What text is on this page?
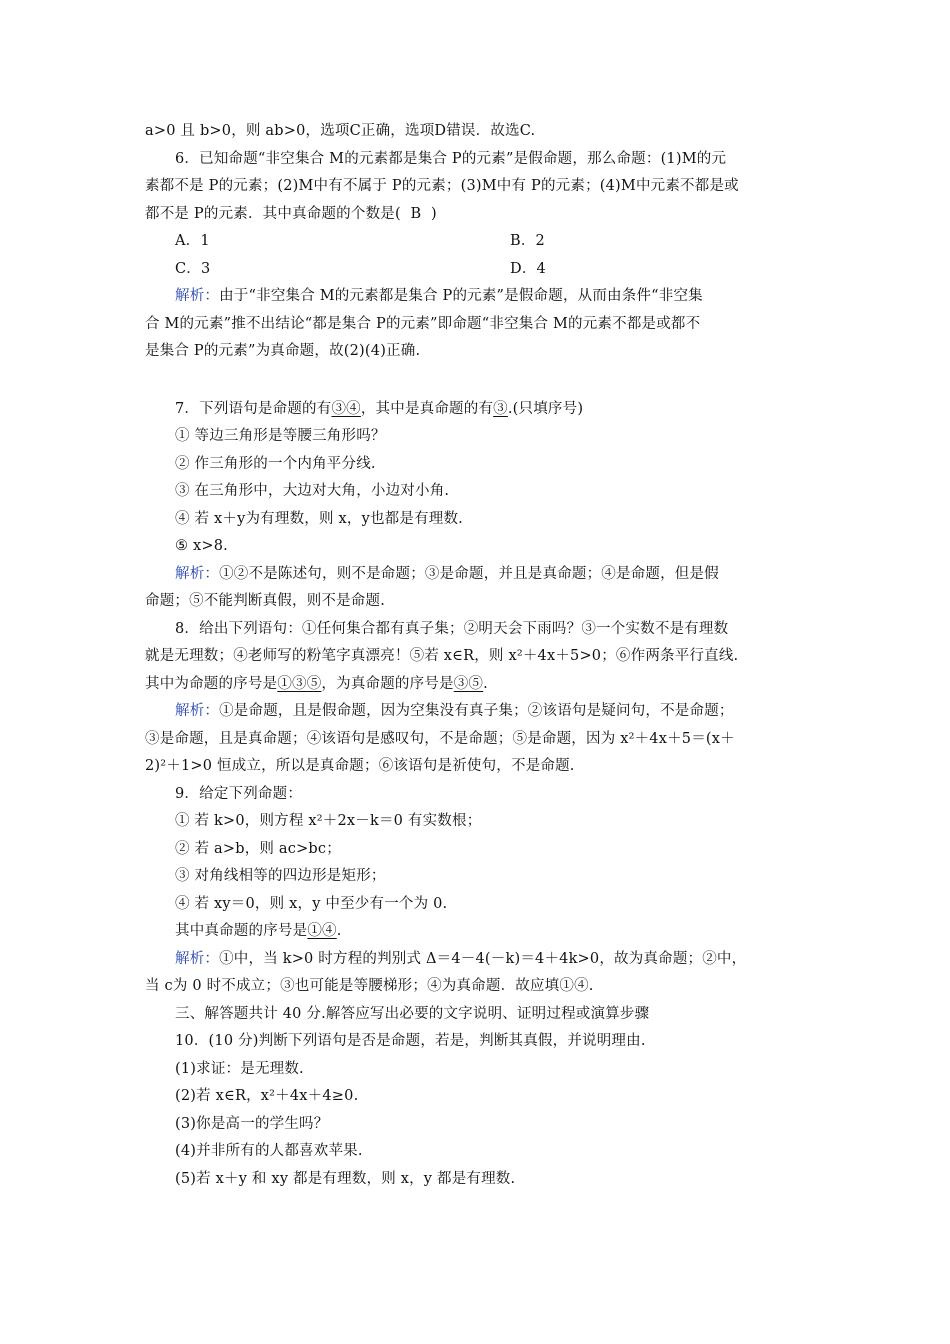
a>0 且 b>0，则 ab>0，选项C正确，选项D错误．故选C.
6．已知命题“非空集合 M的元素都是集合 P的元素”是假命题，那么命题：(1)M的元
素都不是 P的元素；(2)M中有不属于 P的元素；(3)M中有 P的元素；(4)M中元素不都是或
都不是 P的元素．其中真命题的个数是( B )
A．1	B．2
C．3	D．4
解析：由于“非空集合 M的元素都是集合 P的元素”是假命题，从而由条件“非空集
合 M的元素”推不出结论“都是集合 P的元素”即命题“非空集合 M的元素不都是或都不
是集合 P的元素”为真命题，故(2)(4)正确.
7．下列语句是命题的有③④，其中是真命题的有③.(只填序号)
① 等边三角形是等腰三角形吗？
② 作三角形的一个内角平分线.
③ 在三角形中，大边对大角，小边对小角.
④ 若 x＋y为有理数，则 x，y也都是有理数.
⑤ x>8.
解析：①②不是陈述句，则不是命题；③是命题，并且是真命题；④是命题，但是假
命题；⑤不能判断真假，则不是命题.
8．给出下列语句：①任何集合都有真子集；②明天会下雨吗？③一个实数不是有理数
就是无理数；④老师写的粉笔字真漂亮！⑤若 x∈R，则 x²＋4x＋5>0；⑥作两条平行直线.
其中为命题的序号是①③⑤，为真命题的序号是③⑤.
解析：①是命题，且是假命题，因为空集没有真子集；②该语句是疑问句，不是命题；
③是命题，且是真命题；④该语句是感叹句，不是命题；⑤是命题，因为 x²＋4x＋5＝(x＋
2)²＋1>0 恒成立，所以是真命题；⑥该语句是祈使句，不是命题.
9．给定下列命题：
① 若 k>0，则方程 x²＋2x－k＝0 有实数根；
② 若 a>b，则 ac>bc；
③ 对角线相等的四边形是矩形；
④ 若 xy＝0，则 x，y 中至少有一个为 0.
其中真命题的序号是①④.
解析：①中，当 k>0 时方程的判别式 Δ＝4－4(－k)＝4＋4k>0，故为真命题；②中，
当 c为 0 时不成立；③也可能是等腰梯形；④为真命题．故应填①④.
三、解答题共计 40 分.解答应写出必要的文字说明、证明过程或演算步骤
10．(10 分)判断下列语句是否是命题，若是，判断其真假，并说明理由.
(1)求证：是无理数.
(2)若 x∈R，x²＋4x＋4≥0.
(3)你是高一的学生吗？
(4)并非所有的人都喜欢苹果.
(5)若 x＋y 和 xy 都是有理数，则 x，y 都是有理数.
